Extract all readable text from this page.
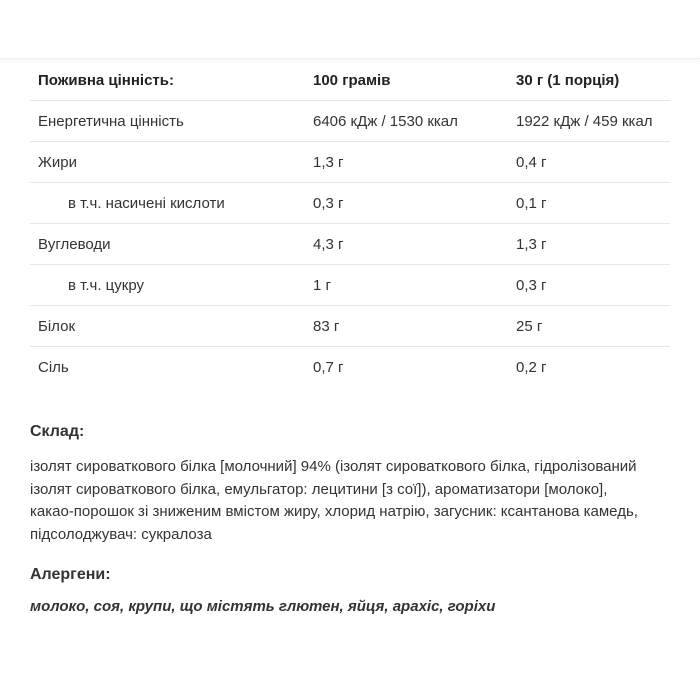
Поживна цінність:	100 грамів	30 г (1 порція)
Енергетична цінність	6406 кДж / 1530 ккал	1922 кДж / 459 ккал
Жири	1,3 г	0,4 г
в т.ч. насичені кислоти	0,3 г	0,1 г
Вуглеводи	4,3 г	1,3 г
в т.ч. цукру	1 г	0,3 г
Білок	83 г	25 г
Сіль	0,7 г	0,2 г
Склад:

ізолят сироваткового білка [молочний] 94% (ізолят сироваткового білка, гідролізований

ізолят сироваткового білка, емульгатор: лецитини [з сої]), ароматизатори [молоко],

какао-порошок зі зниженим вмістом жиру, хлорид натрію, загусник: ксантанова камедь,

підсолоджувач: сукралоза

Алергени:
молоко, соя, крупи, що містять глютен, яйця, арахіс, горіхи
